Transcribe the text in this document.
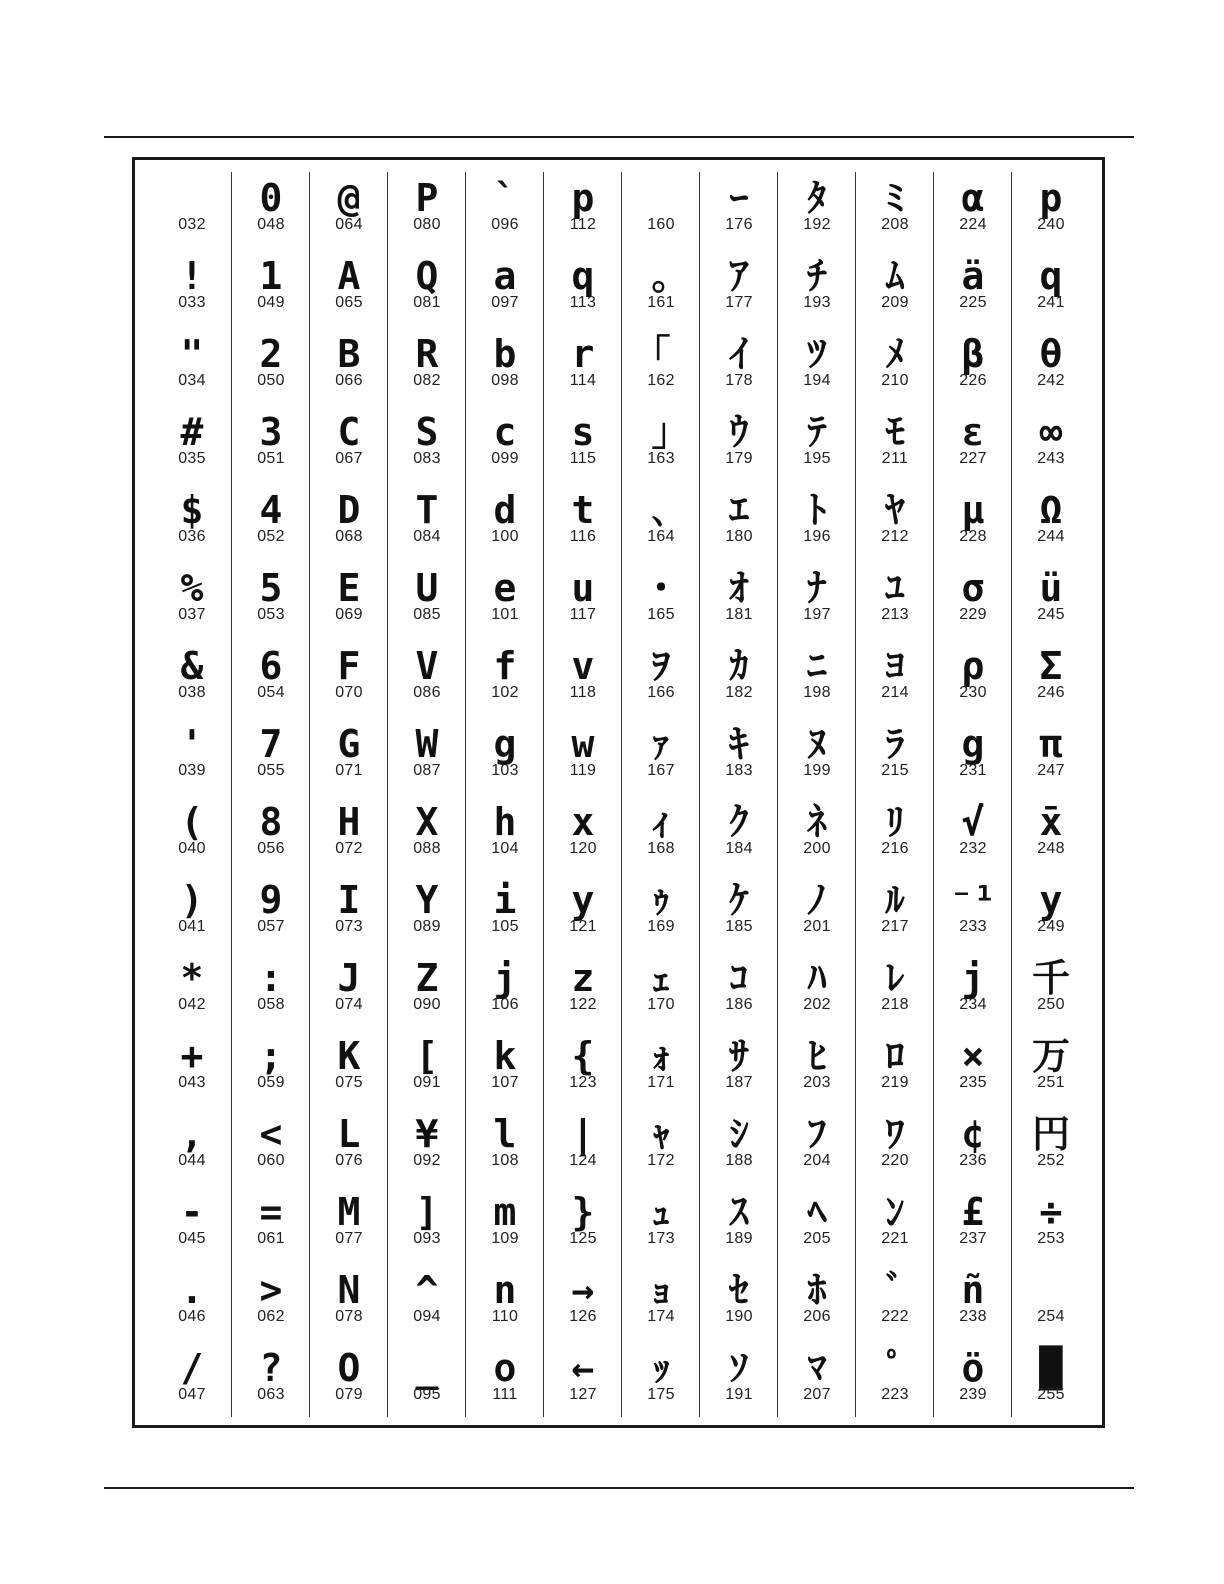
032
!
033
"
034
#
035
$
036
%
037
&
038
'
039
(
040
)
041
*
042
+
043
,
044
-
045
.
046
/
047
0
048
1
049
2
050
3
051
4
052
5
053
6
054
7
055
8
056
9
057
:
058
;
059
<
060
=
061
>
062
?
063
@
064
A
065
B
066
C
067
D
068
E
069
F
070
G
071
H
072
I
073
J
074
K
075
L
076
M
077
N
078
O
079
P
080
Q
081
R
082
S
083
T
084
U
085
V
086
W
087
X
088
Y
089
Z
090
[
091
¥
092
]
093
^
094
_
095
`
096
a
097
b
098
c
099
d
100
e
101
f
102
g
103
h
104
i
105
j
106
k
107
l
108
m
109
n
110
o
111
p
112
q
113
r
114
s
115
t
116
u
117
v
118
w
119
x
120
y
121
z
122
{
123
|
124
}
125
→
126
←
127
160
｡
161
｢
162
｣
163
､
164
･
165
ｦ
166
ｧ
167
ｨ
168
ｩ
169
ｪ
170
ｫ
171
ｬ
172
ｭ
173
ｮ
174
ｯ
175
ｰ
176
ｱ
177
ｲ
178
ｳ
179
ｴ
180
ｵ
181
ｶ
182
ｷ
183
ｸ
184
ｹ
185
ｺ
186
ｻ
187
ｼ
188
ｽ
189
ｾ
190
ｿ
191
ﾀ
192
ﾁ
193
ﾂ
194
ﾃ
195
ﾄ
196
ﾅ
197
ﾆ
198
ﾇ
199
ﾈ
200
ﾉ
201
ﾊ
202
ﾋ
203
ﾌ
204
ﾍ
205
ﾎ
206
ﾏ
207
ﾐ
208
ﾑ
209
ﾒ
210
ﾓ
211
ﾔ
212
ﾕ
213
ﾖ
214
ﾗ
215
ﾘ
216
ﾙ
217
ﾚ
218
ﾛ
219
ﾜ
220
ﾝ
221
ﾞ
222
ﾟ
223
α
224
ä
225
β
226
ε
227
μ
228
σ
229
ρ
230
g
231
√
232
⁻¹
233
j
234
×
235
¢
236
£
237
ñ
238
ö
239
p
240
q
241
θ
242
∞
243
Ω
244
ü
245
Σ
246
π
247
x̄
248
y
249
千
250
万
251
円
252
÷
253
254
█
255
